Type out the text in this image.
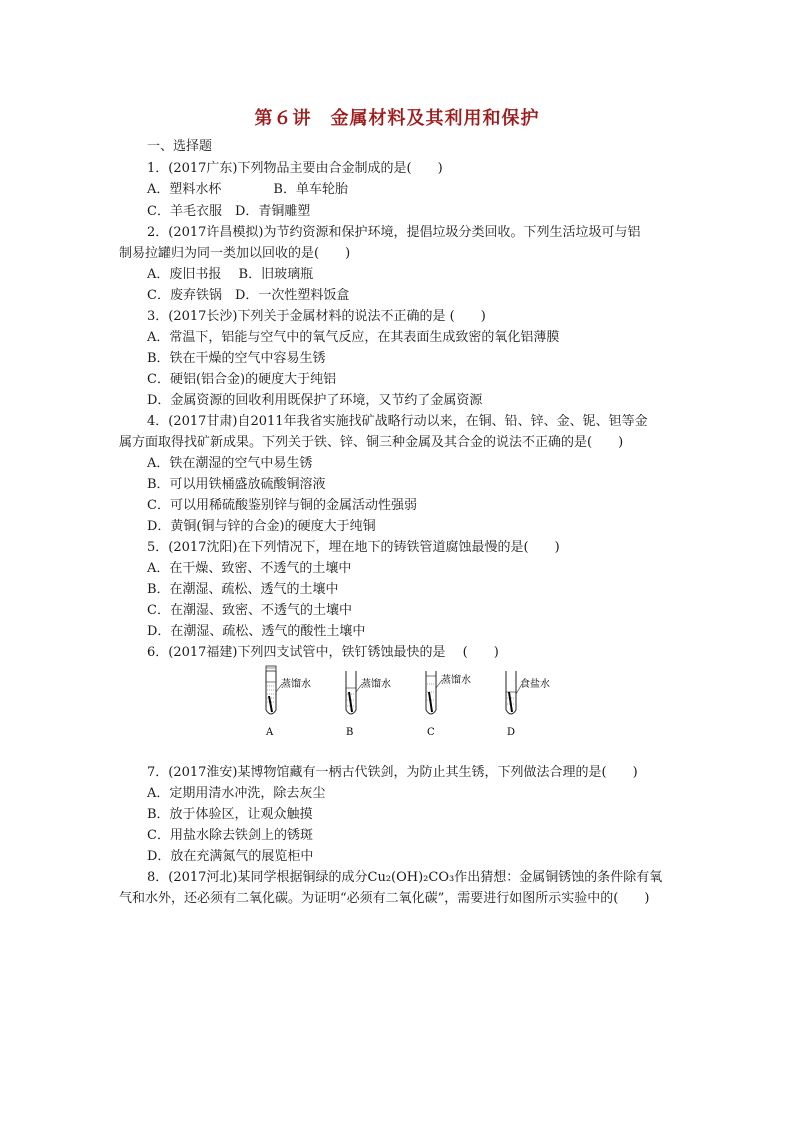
第６讲　金属材料及其利用和保护
一、选择题
1．(2017广东)下列物品主要由合金制成的是(　　)
A．塑料水杯　　　　B．单车轮胎
C．羊毛衣服　D．青铜雕塑
2．(2017许昌模拟)为节约资源和保护环境，提倡垃圾分类回收。下列生活垃圾可与铝
制易拉罐归为同一类加以回收的是(　　)
A．废旧书报　 B．旧玻璃瓶
C．废弃铁锅　D．一次性塑料饭盒
3．(2017长沙)下列关于金属材料的说法不正确的是 (　　)
A．常温下，铝能与空气中的氧气反应，在其表面生成致密的氧化铝薄膜
B．铁在干燥的空气中容易生锈
C．硬铝(铝合金)的硬度大于纯铝
D．金属资源的回收利用既保护了环境，又节约了金属资源
4．(2017甘肃)自2011年我省实施找矿战略行动以来，在铜、铅、锌、金、铌、钽等金
属方面取得找矿新成果。下列关于铁、锌、铜三种金属及其合金的说法不正确的是(　　)
A．铁在潮湿的空气中易生锈
B．可以用铁桶盛放硫酸铜溶液
C．可以用稀硫酸鉴别锌与铜的金属活动性强弱
D．黄铜(铜与锌的合金)的硬度大于纯铜
5．(2017沈阳)在下列情况下，埋在地下的铸铁管道腐蚀最慢的是(　　)
A．在干燥、致密、不透气的土壤中
B．在潮湿、疏松、透气的土壤中
C．在潮湿、致密、不透气的土壤中
D．在潮湿、疏松、透气的酸性土壤中
6．(2017福建)下列四支试管中，铁钉锈蚀最快的是　 (　　)
蒸馏水
A
蒸馏水
B
蒸馏水
C
食盐水
D
7．(2017淮安)某博物馆藏有一柄古代铁剑，为防止其生锈，下列做法合理的是(　　)
A．定期用清水冲洗，除去灰尘
B．放于体验区，让观众触摸
C．用盐水除去铁剑上的锈斑
D．放在充满氮气的展览柜中
8．(2017河北)某同学根据铜绿的成分Cu₂(OH)₂CO₃作出猜想：金属铜锈蚀的条件除有氧
气和水外，还必须有二氧化碳。为证明“必须有二氧化碳”，需要进行如图所示实验中的(　　)
